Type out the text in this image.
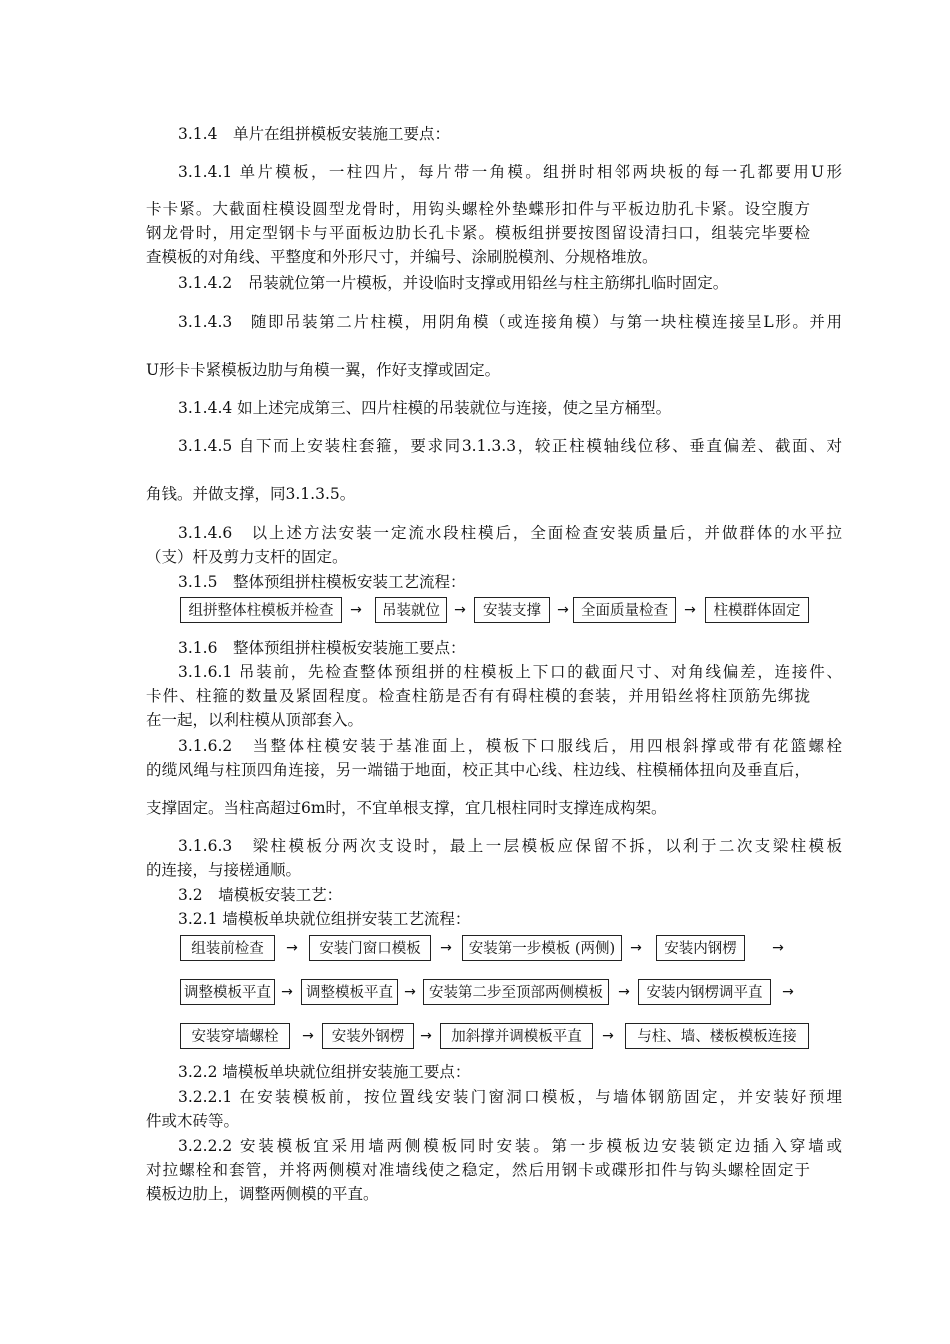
3.1.4　单片在组拼模板安装施工要点：
3.1.4.1 单片模板，一柱四片，每片带一角模。组拼时相邻两块板的每一孔都要用U形
卡卡紧。大截面柱模设圆型龙骨时，用钩头螺栓外垫蝶形扣件与平板边肋孔卡紧。设空腹方
钢龙骨时，用定型钢卡与平面板边肋长孔卡紧。模板组拼要按图留设清扫口，组装完毕要检
查模板的对角线、平整度和外形尺寸，并编号、涂刷脱模剂、分规格堆放。
3.1.4.2　吊装就位第一片模板，并设临时支撑或用铅丝与柱主筋绑扎临时固定。
3.1.4.3　随即吊装第二片柱模，用阴角模（或连接角模）与第一块柱模连接呈L形。并用
U形卡卡紧模板边肋与角模一翼，作好支撑或固定。
3.1.4.4 如上述完成第三、四片柱模的吊装就位与连接，使之呈方桶型。
3.1.4.5 自下而上安装柱套箍，要求同3.1.3.3，较正柱模轴线位移、垂直偏差、截面、对
角钱。并做支撑，同3.1.3.5。
3.1.4.6　以上述方法安装一定流水段柱模后，全面检查安装质量后，并做群体的水平拉
（支）杆及剪力支杆的固定。
3.1.5　整体预组拼柱模板安装工艺流程：
组拼整体柱模板并检查	→	吊装就位	→	安装支撑	→ 全面质量检查	→	柱模群体固定
3.1.6　整体预组拼柱模板安装施工要点：
3.1.6.1 吊装前，先检查整体预组拼的柱模板上下口的截面尺寸、对角线偏差，连接件、
卡件、柱箍的数量及紧固程度。检查柱筋是否有有碍柱模的套装，并用铅丝将柱顶筋先绑拢
在一起，以利柱模从顶部套入。
3.1.6.2　当整体柱模安装于基准面上，模板下口服线后，用四根斜撑或带有花篮螺栓
的缆风绳与柱顶四角连接，另一端锚于地面，校正其中心线、柱边线、柱模桶体扭向及垂直后，
支撑固定。当柱高超过6m时，不宜单根支撑，宜几根柱同时支撑连成构架。
3.1.6.3　梁柱模板分两次支设时，最上一层模板应保留不拆，以利于二次支梁柱模板
的连接，与接槎通顺。
3.2　墙模板安装工艺：
3.2.1 墙模板单块就位组拼安装工艺流程：
组装前检查	→	安装门窗口模板	→	安装第一步模板 (两侧)	→	安装内钢楞	→
调整模板平直 → 调整模板平直 → 安装第二步至顶部两侧模板	→	安装内钢楞调平直	→
安装穿墙螺栓	→	安装外钢楞	→	加斜撑并调模板平直	→	与柱、墙、楼板模板连接
3.2.2 墙模板单块就位组拼安装施工要点：
3.2.2.1 在安装模板前，按位置线安装门窗洞口模板，与墙体钢筋固定，并安装好预埋
件或木砖等。
3.2.2.2 安装模板宜采用墙两侧模板同时安装。第一步模板边安装锁定边插入穿墙或
对拉螺栓和套管，并将两侧模对准墙线使之稳定，然后用钢卡或碟形扣件与钩头螺栓固定于
模板边肋上，调整两侧模的平直。
